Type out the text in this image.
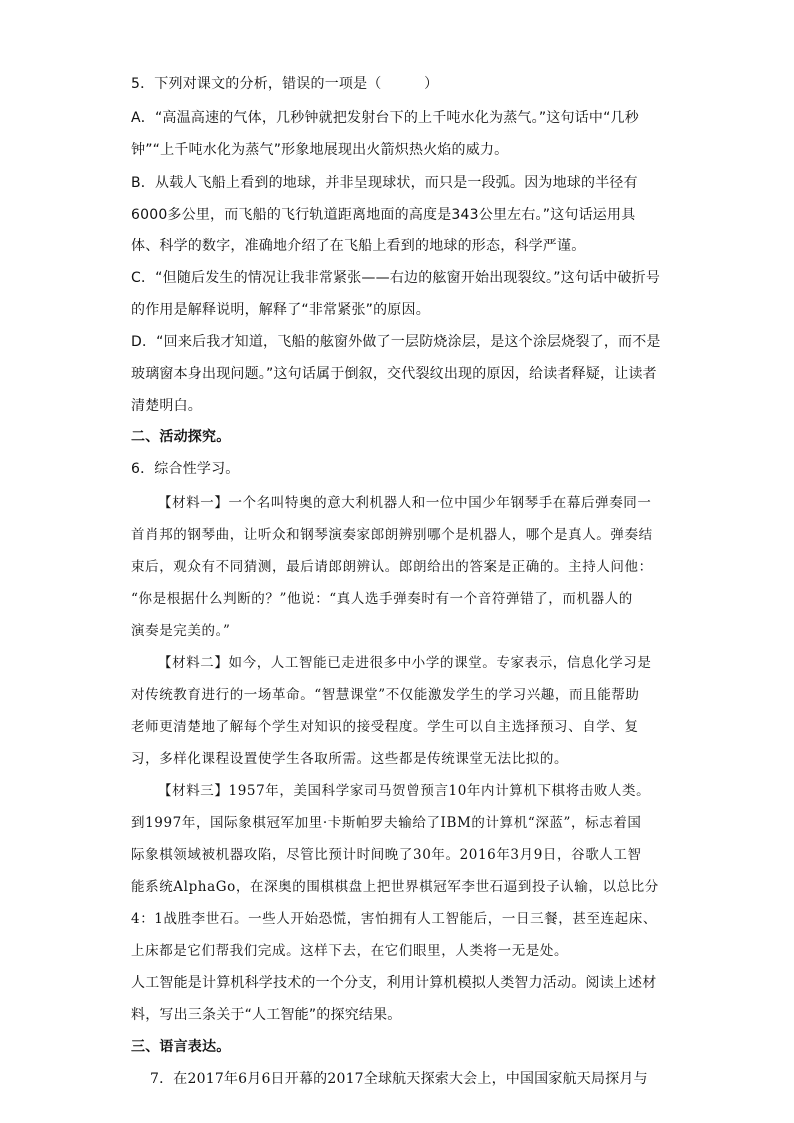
5．下列对课文的分析，错误的一项是（　　　）
A．“高温高速的气体，几秒钟就把发射台下的上千吨水化为蒸气。”这句话中“几秒
钟”“上千吨水化为蒸气”形象地展现出火箭炽热火焰的威力。
B．从载人飞船上看到的地球，并非呈现球状，而只是一段弧。因为地球的半径有
6000多公里，而飞船的飞行轨道距离地面的高度是343公里左右。”这句话运用具
体、科学的数字，准确地介绍了在飞船上看到的地球的形态，科学严谨。
C．“但随后发生的情况让我非常紧张——右边的舷窗开始出现裂纹。”这句话中破折号
的作用是解释说明，解释了“非常紧张”的原因。
D．“回来后我才知道，飞船的舷窗外做了一层防烧涂层，是这个涂层烧裂了，而不是
玻璃窗本身出现问题。”这句话属于倒叙，交代裂纹出现的原因，给读者释疑，让读者
清楚明白。
二、活动探究。
6．综合性学习。
【材料一】一个名叫特奥的意大利机器人和一位中国少年钢琴手在幕后弹奏同一
首肖邦的钢琴曲，让听众和钢琴演奏家郎朗辨别哪个是机器人，哪个是真人。弹奏结
束后，观众有不同猜测，最后请郎朗辨认。郎朗给出的答案是正确的。主持人问他：
“你是根据什么判断的？”他说：“真人选手弹奏时有一个音符弹错了，而机器人的
演奏是完美的。”
【材料二】如今，人工智能已走进很多中小学的课堂。专家表示，信息化学习是
对传统教育进行的一场革命。“智慧课堂”不仅能激发学生的学习兴趣，而且能帮助
老师更清楚地了解每个学生对知识的接受程度。学生可以自主选择预习、自学、复
习，多样化课程设置使学生各取所需。这些都是传统课堂无法比拟的。
【材料三】1957年，美国科学家司马贺曾预言10年内计算机下棋将击败人类。
到1997年，国际象棋冠军加里·卡斯帕罗夫输给了IBM的计算机“深蓝”，标志着国
际象棋领域被机器攻陷，尽管比预计时间晚了30年。2016年3月9日，谷歌人工智
能系统AlphaGo，在深奥的围棋棋盘上把世界棋冠军李世石逼到投子认输，以总比分
4：1战胜李世石。一些人开始恐慌，害怕拥有人工智能后，一日三餐，甚至连起床、
上床都是它们帮我们完成。这样下去，在它们眼里，人类将一无是处。
人工智能是计算机科学技术的一个分支，利用计算机模拟人类智力活动。阅读上述材
料，写出三条关于“人工智能”的探究结果。
三、语言表达。
7．在2017年6月6日开幕的2017全球航天探索大会上，中国国家航天局探月与
